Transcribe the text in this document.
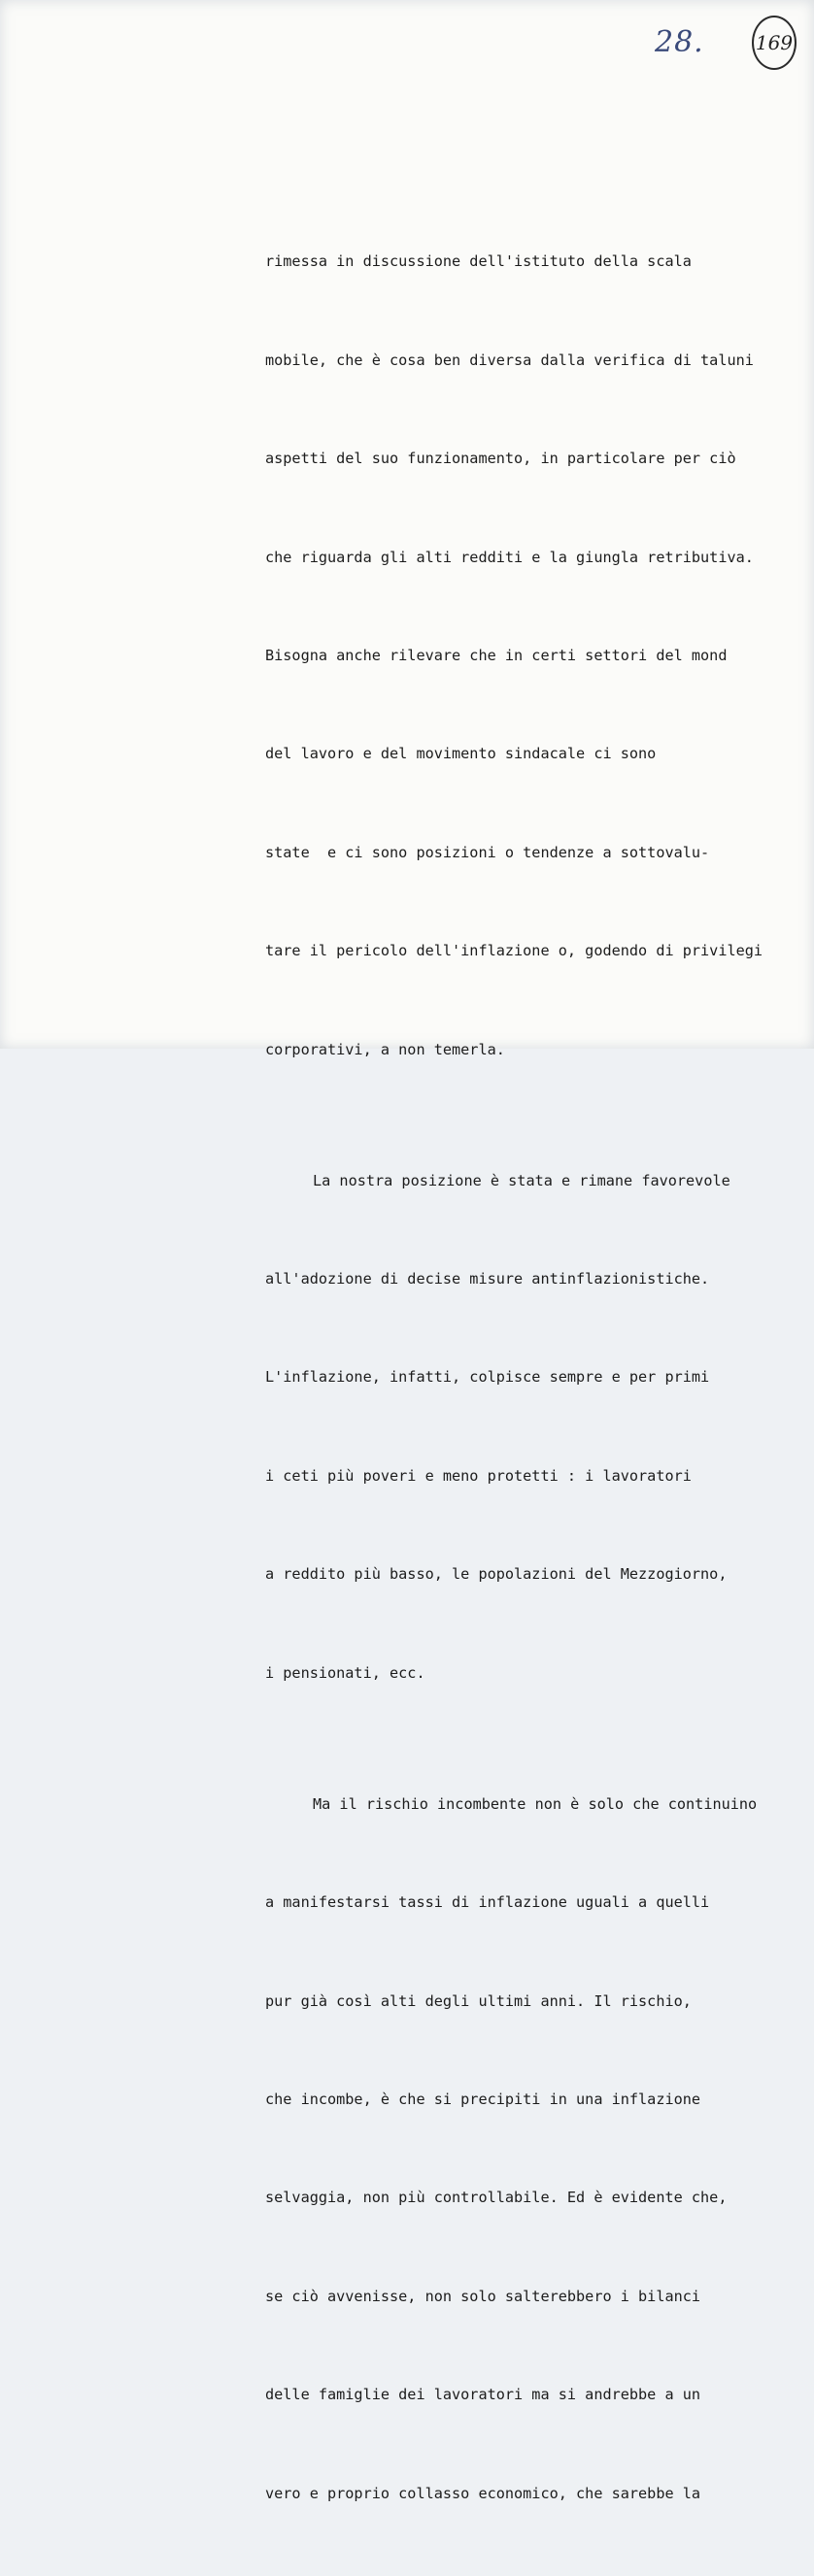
28.	169

rimessa in discussione dell'istituto della scala

mobile, che è cosa ben diversa dalla verifica di taluni

aspetti del suo funzionamento, in particolare per ciò

che riguarda gli alti redditi e la giungla retributiva.

Bisogna anche rilevare che in certi settori del mond

del lavoro e del movimento sindacale ci sono

state  e ci sono posizioni o tendenze a sottovalu-

tare il pericolo dell'inflazione o, godendo di privilegi

corporativi, a non temerla.

La nostra posizione è stata e rimane favorevole

all'adozione di decise misure antinflazionistiche.

L'inflazione, infatti, colpisce sempre e per primi

i ceti più poveri e meno protetti : i lavoratori

a reddito più basso, le popolazioni del Mezzogiorno,

i pensionati, ecc.

Ma il rischio incombente non è solo che continuino

a manifestarsi tassi di inflazione uguali a quelli

pur già così alti degli ultimi anni. Il rischio,

che incombe, è che si precipiti in una inflazione

selvaggia, non più controllabile. Ed è evidente che,

se ciò avvenisse, non solo salterebbero i bilanci

delle famiglie dei lavoratori ma si andrebbe a un

vero e proprio collasso economico, che sarebbe la
